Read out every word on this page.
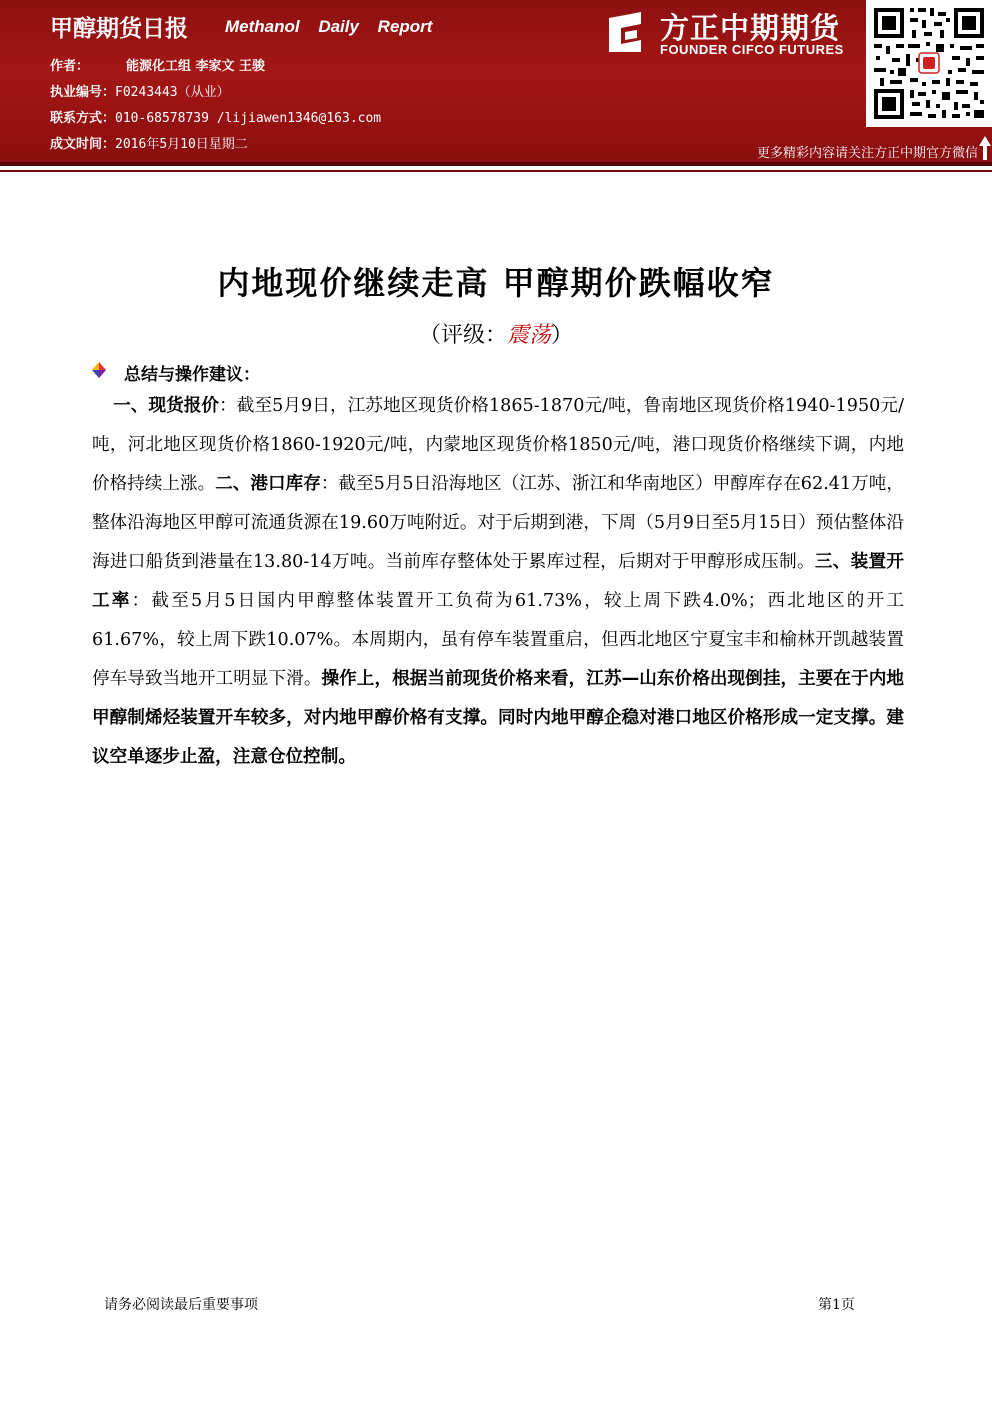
甲醇期货日报 Methanol Daily Report
作者：	能源化工组 李家文 王骏
执业编号：F0243443（从业）
联系方式：010-68578739 /lijiawen1346@163.com
成文时间：2016年5月10日星期二
方正中期期货
FOUNDER CIFCO FUTURES
更多精彩内容请关注方正中期官方微信
内地现价继续走高 甲醇期价跌幅收窄
（评级：震荡）
总结与操作建议：
一、现货报价：截至5月9日，江苏地区现货价格1865-1870元/吨，鲁南地区现货价格1940-1950元/吨，河北地区现货价格1860-1920元/吨，内蒙地区现货价格1850元/吨，港口现货价格继续下调，内地价格持续上涨。二、港口库存：截至5月5日沿海地区（江苏、浙江和华南地区）甲醇库存在62.41万吨，整体沿海地区甲醇可流通货源在19.60万吨附近。对于后期到港，下周（5月9日至5月15日）预估整体沿海进口船货到港量在13.80-14万吨。当前库存整体处于累库过程，后期对于甲醇形成压制。三、装置开工率：截至5月5日国内甲醇整体装置开工负荷为61.73%，较上周下跌4.0%；西北地区的开工61.67%，较上周下跌10.07%。本周期内，虽有停车装置重启，但西北地区宁夏宝丰和榆林开凯越装置停车导致当地开工明显下滑。操作上，根据当前现货价格来看，江苏—山东价格出现倒挂，主要在于内地甲醇制烯烃装置开车较多，对内地甲醇价格有支撑。同时内地甲醇企稳对港口地区价格形成一定支撑。建议空单逐步止盈，注意仓位控制。
请务必阅读最后重要事项	第1页
